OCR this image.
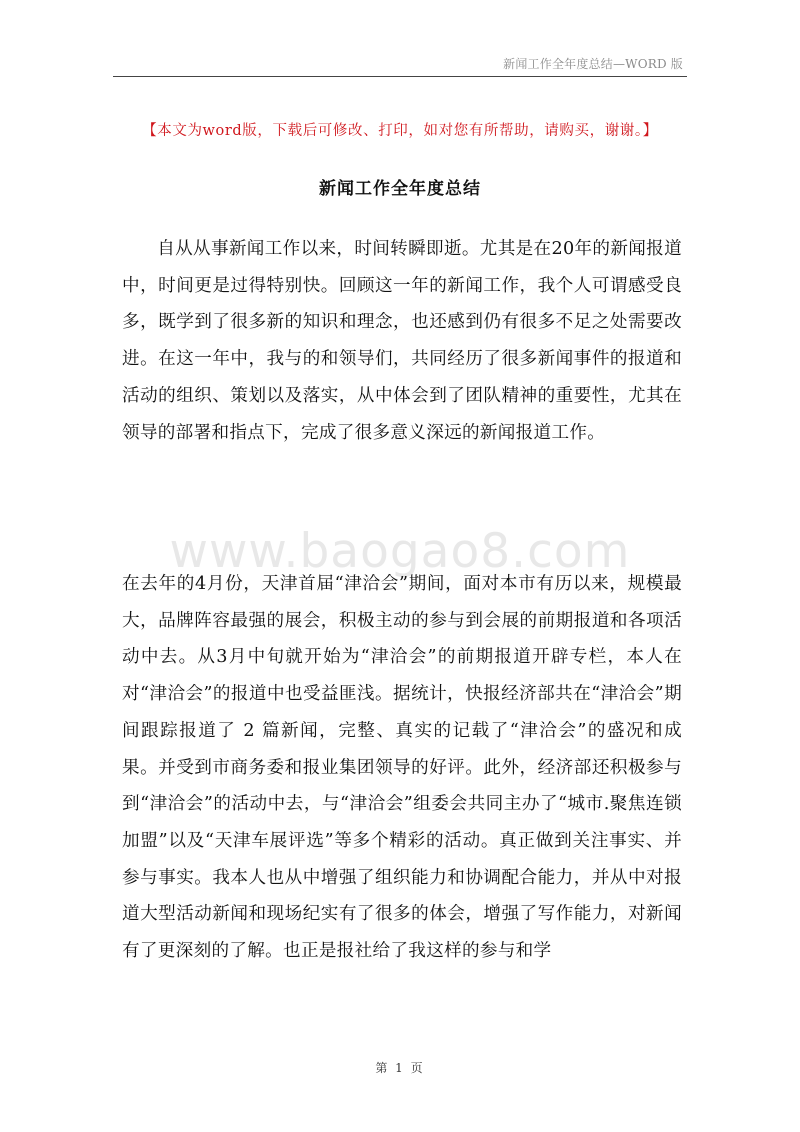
新闻工作全年度总结—WORD 版
【本文为word版，下载后可修改、打印，如对您有所帮助，请购买，谢谢。】
新闻工作全年度总结

自从从事新闻工作以来，时间转瞬即逝。尤其是在20年的新闻报道中，时间更是过得特别快。回顾这一年的新闻工作，我个人可谓感受良多，既学到了很多新的知识和理念，也还感到仍有很多不足之处需要改进。在这一年中，我与的和领导们，共同经历了很多新闻事件的报道和活动的组织、策划以及落实，从中体会到了团队精神的重要性，尤其在领导的部署和指点下，完成了很多意义深远的新闻报道工作。

www.baogao8.com

在去年的4月份，天津首届“津洽会”期间，面对本市有历以来，规模最大，品牌阵容最强的展会，积极主动的参与到会展的前期报道和各项活动中去。从3月中旬就开始为“津洽会”的前期报道开辟专栏，本人在对“津洽会”的报道中也受益匪浅。据统计，快报经济部共在“津洽会”期间跟踪报道了 2 篇新闻，完整、真实的记载了“津洽会”的盛况和成果。并受到市商务委和报业集团领导的好评。此外，经济部还积极参与到“津洽会”的活动中去，与“津洽会”组委会共同主办了“城市.聚焦连锁加盟”以及“天津车展评选”等多个精彩的活动。真正做到关注事实、并参与事实。我本人也从中增强了组织能力和协调配合能力，并从中对报道大型活动新闻和现场纪实有了很多的体会，增强了写作能力，对新闻有了更深刻的了解。也正是报社给了我这样的参与和学

第 1 页
